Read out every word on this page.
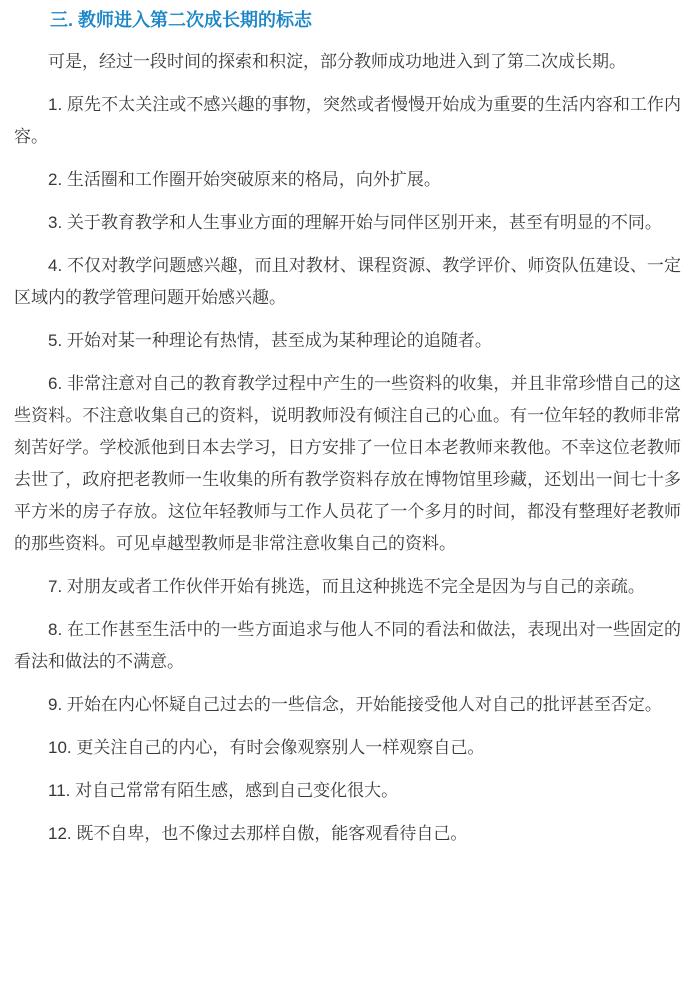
三. 教师进入第二次成长期的标志

可是，经过一段时间的探索和积淀，部分教师成功地进入到了第二次成长期。

1. 原先不太关注或不感兴趣的事物，突然或者慢慢开始成为重要的生活内容和工作内容。

2. 生活圈和工作圈开始突破原来的格局，向外扩展。

3. 关于教育教学和人生事业方面的理解开始与同伴区别开来，甚至有明显的不同。

4. 不仅对教学问题感兴趣，而且对教材、课程资源、教学评价、师资队伍建设、一定区域内的教学管理问题开始感兴趣。

5. 开始对某一种理论有热情，甚至成为某种理论的追随者。

6. 非常注意对自己的教育教学过程中产生的一些资料的收集，并且非常珍惜自己的这些资料。不注意收集自己的资料，说明教师没有倾注自己的心血。有一位年轻的教师非常刻苦好学。学校派他到日本去学习，日方安排了一位日本老教师来教他。不幸这位老教师去世了，政府把老教师一生收集的所有教学资料存放在博物馆里珍藏，还划出一间七十多平方米的房子存放。这位年轻教师与工作人员花了一个多月的时间，都没有整理好老教师的那些资料。可见卓越型教师是非常注意收集自己的资料。

7. 对朋友或者工作伙伴开始有挑选，而且这种挑选不完全是因为与自己的亲疏。

8. 在工作甚至生活中的一些方面追求与他人不同的看法和做法，表现出对一些固定的看法和做法的不满意。

9. 开始在内心怀疑自己过去的一些信念，开始能接受他人对自己的批评甚至否定。

10. 更关注自己的内心，有时会像观察别人一样观察自己。

11. 对自己常常有陌生感，感到自己变化很大。

12. 既不自卑，也不像过去那样自傲，能客观看待自己。
